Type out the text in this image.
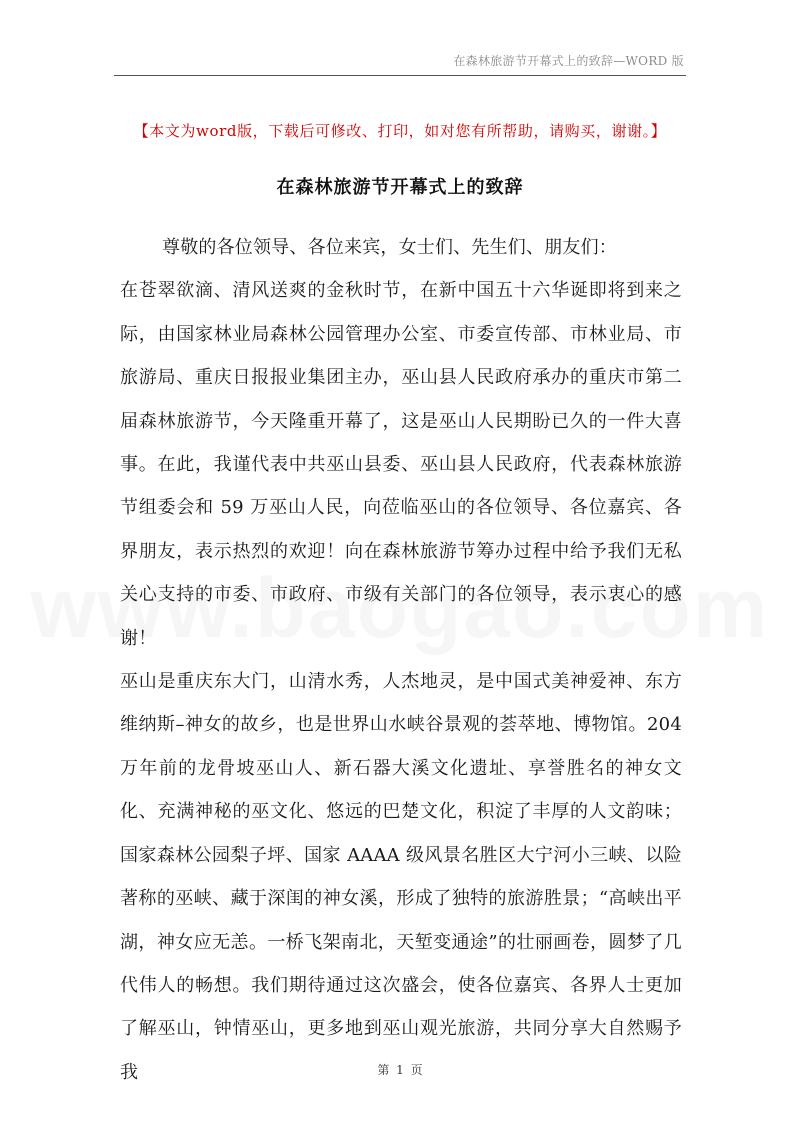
在森林旅游节开幕式上的致辞—WORD 版
【本文为word版，下载后可修改、打印，如对您有所帮助，请购买，谢谢。】
在森林旅游节开幕式上的致辞

尊敬的各位领导、各位来宾，女士们、先生们、朋友们：

在苍翠欲滴、清风送爽的金秋时节，在新中国五十六华诞即将到来之际，由国家林业局森林公园管理办公室、市委宣传部、市林业局、市旅游局、重庆日报报业集团主办，巫山县人民政府承办的重庆市第二届森林旅游节，今天隆重开幕了，这是巫山人民期盼已久的一件大喜事。在此，我谨代表中共巫山县委、巫山县人民政府，代表森林旅游节组委会和 59 万巫山人民，向莅临巫山的各位领导、各位嘉宾、各界朋友，表示热烈的欢迎！向在森林旅游节筹办过程中给予我们无私关心支持的市委、市政府、市级有关部门的各位领导，表示衷心的感谢！

巫山是重庆东大门，山清水秀，人杰地灵，是中国式美神爱神、东方维纳斯–神女的故乡，也是世界山水峡谷景观的荟萃地、博物馆。204 万年前的龙骨坡巫山人、新石器大溪文化遗址、享誉胜名的神女文化、充满神秘的巫文化、悠远的巴楚文化，积淀了丰厚的人文韵味；国家森林公园梨子坪、国家 AAAA 级风景名胜区大宁河小三峡、以险著称的巫峡、藏于深闺的神女溪，形成了独特的旅游胜景；“高峡出平湖，神女应无恙。一桥飞架南北，天堑变通途”的壮丽画卷，圆梦了几代伟人的畅想。我们期待通过这次盛会，使各位嘉宾、各界人士更加了解巫山，钟情巫山，更多地到巫山观光旅游，共同分享大自然赐予我	第 1 页
